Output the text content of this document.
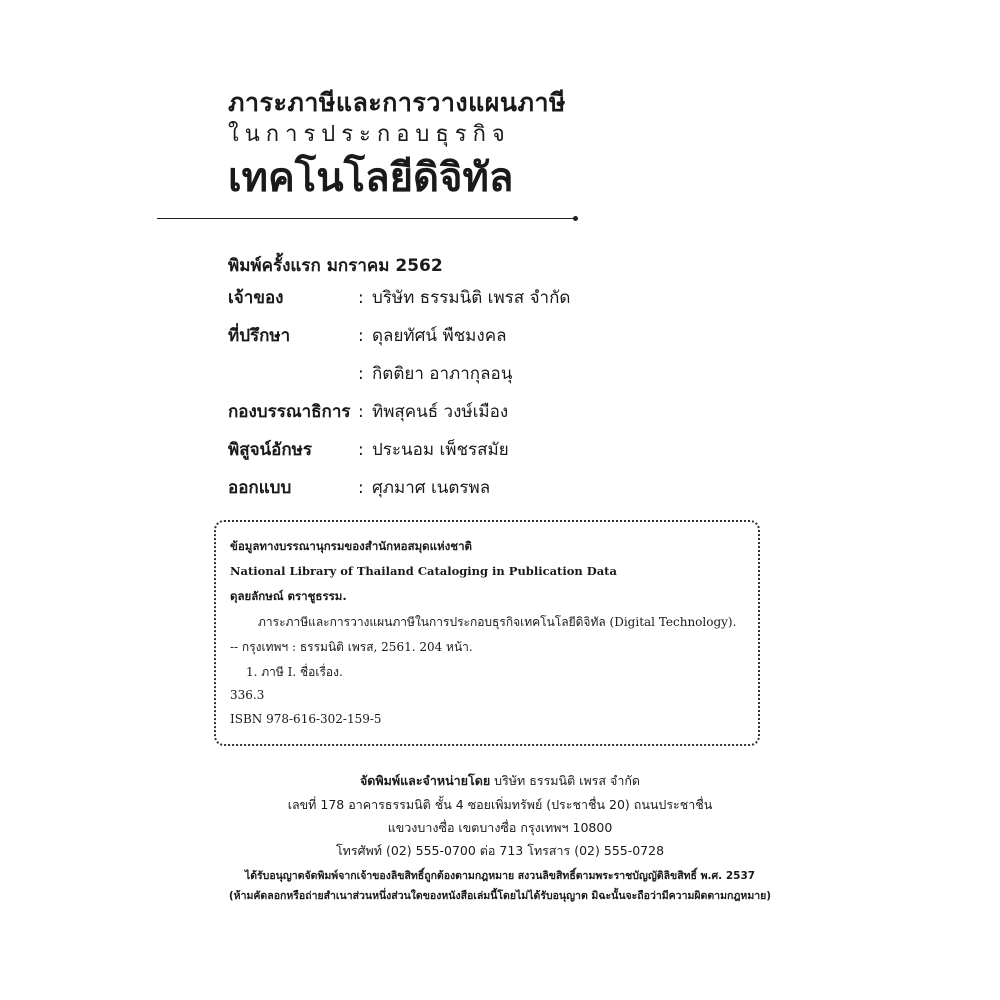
ภาระภาษีและการวางแผนภาษี
ในการประกอบธุรกิจ
เทคโนโลยีดิจิทัล
พิมพ์ครั้งแรก มกราคม 2562
เจ้าของ	: บริษัท ธรรมนิติ เพรส จำกัด
ที่ปรึกษา	: ดุลยทัศน์ พืชมงคล
: กิตติยา อาภากุลอนุ
กองบรรณาธิการ : ทิพสุคนธ์ วงษ์เมือง
พิสูจน์อักษร	: ประนอม เพ็ชรสมัย
ออกแบบ	: ศุภมาศ เนตรพล
ข้อมูลทางบรรณานุกรมของสำนักหอสมุดแห่งชาติ
National Library of Thailand Cataloging in Publication Data
ดุลยลักษณ์ ตราชูธรรม.
ภาระภาษีและการวางแผนภาษีในการประกอบธุรกิจเทคโนโลยีดิจิทัล (Digital Technology).
-- กรุงเทพฯ : ธรรมนิติ เพรส, 2561. 204 หน้า.
1. ภาษี I. ชื่อเรื่อง.
336.3
ISBN 978-616-302-159-5
จัดพิมพ์และจำหน่ายโดย บริษัท ธรรมนิติ เพรส จำกัด
เลขที่ 178 อาคารธรรมนิติ ชั้น 4 ซอยเพิ่มทรัพย์ (ประชาชื่น 20) ถนนประชาชื่น
แขวงบางซื่อ เขตบางซื่อ กรุงเทพฯ 10800
โทรศัพท์ (02) 555-0700 ต่อ 713 โทรสาร (02) 555-0728
ได้รับอนุญาตจัดพิมพ์จากเจ้าของลิขสิทธิ์ถูกต้องตามกฎหมาย สงวนลิขสิทธิ์ตามพระราชบัญญัติลิขสิทธิ์ พ.ศ. 2537
(ห้ามคัดลอกหรือถ่ายสำเนาส่วนหนึ่งส่วนใดของหนังสือเล่มนี้โดยไม่ได้รับอนุญาต มิฉะนั้นจะถือว่ามีความผิดตามกฎหมาย)
